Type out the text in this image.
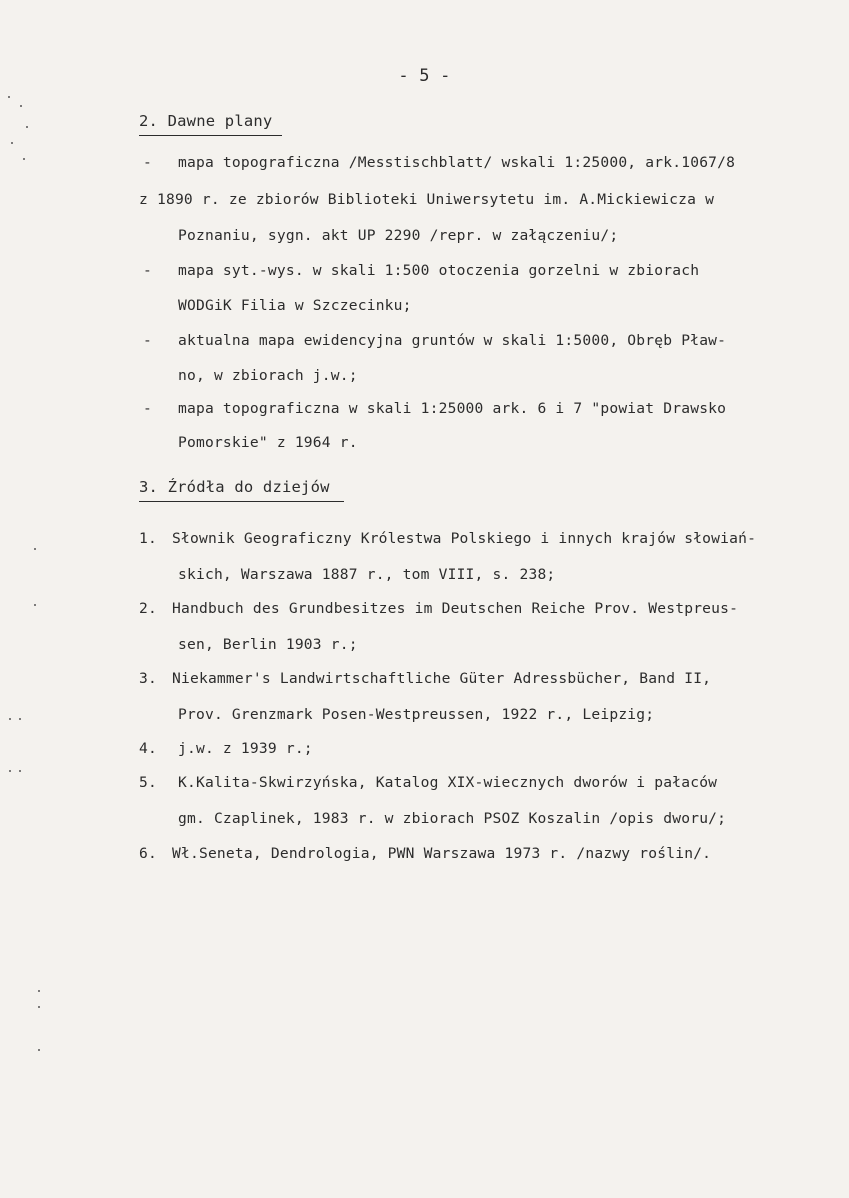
- 5 -
2. Dawne plany
- mapa topograficzna /Messtischblatt/ wskali 1:25000, ark.1067/8
z 1890 r. ze zbiorów Biblioteki Uniwersytetu im. A.Mickiewicza w
Poznaniu, sygn. akt UP 2290 /repr. w załączeniu/;
- mapa syt.-wys. w skali 1:500 otoczenia gorzelni w zbiorach
WODGiK Filia w Szczecinku;
- aktualna mapa ewidencyjna gruntów w skali 1:5000, Obręb Pław-
no, w zbiorach j.w.;
- mapa topograficzna w skali 1:25000 ark. 6 i 7 "powiat Drawsko
Pomorskie" z 1964 r.
3. Źródła do dziejów
1. Słownik Geograficzny Królestwa Polskiego i innych krajów słowiań-
skich, Warszawa 1887 r., tom VIII, s. 238;
2. Handbuch des Grundbesitzes im Deutschen Reiche Prov. Westpreus-
sen, Berlin 1903 r.;
3. Niekammer's Landwirtschaftliche Güter Adressbücher, Band II,
Prov. Grenzmark Posen-Westpreussen, 1922 r., Leipzig;
4. j.w. z 1939 r.;
5. K.Kalita-Skwirzyńska, Katalog XIX-wiecznych dworów i pałaców
gm. Czaplinek, 1983 r. w zbiorach PSOZ Koszalin /opis dworu/;
6. Wł.Seneta, Dendrologia, PWN Warszawa 1973 r. /nazwy roślin/.
